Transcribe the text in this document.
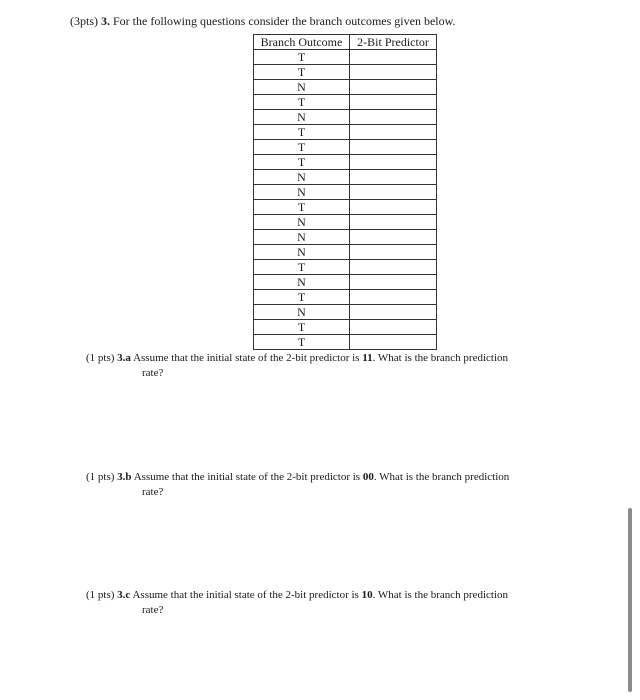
(3pts) 3. For the following questions consider the branch outcomes given below.
Branch Outcome	2-Bit Predictor
T	
T	
N	
T	
N	
T	
T	
T	
N	
N	
T	
N	
N	
N	
T	
N	
T	
N	
T	
T	
(1 pts) 3.a Assume that the initial state of the 2-bit predictor is 11. What is the branch prediction
rate?
(1 pts) 3.b Assume that the initial state of the 2-bit predictor is 00. What is the branch prediction
rate?
(1 pts) 3.c Assume that the initial state of the 2-bit predictor is 10. What is the branch prediction
rate?
